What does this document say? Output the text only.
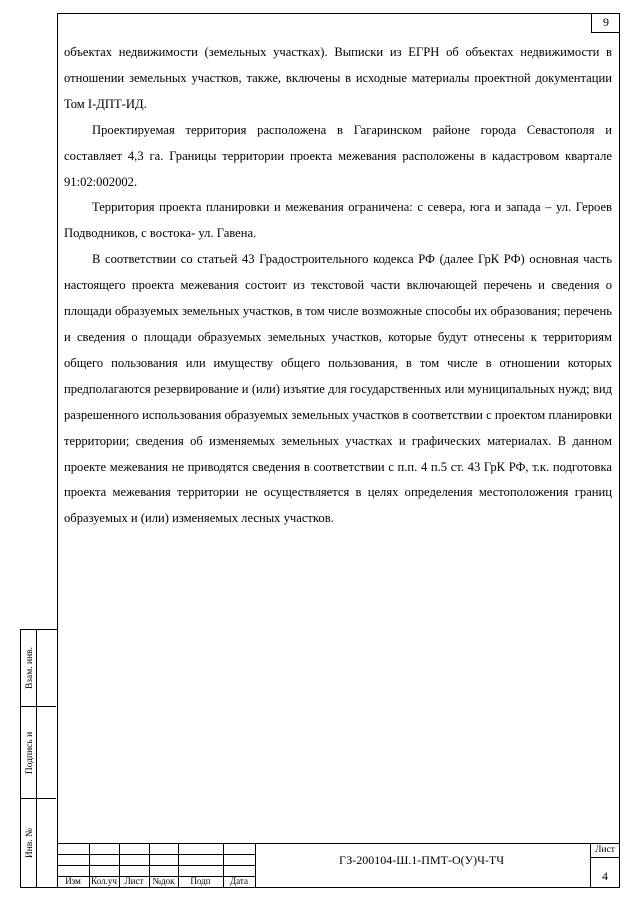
9

объектах недвижимости (земельных участках). Выписки из ЕГРН об объектах недвижимости в отношении земельных участков, также, включены в исходные материалы проектной документации Том I-ДПТ-ИД.

Проектируемая территория расположена в Гагаринском районе города Севастополя и составляет 4,3 га. Границы территории проекта межевания расположены в кадастровом квартале 91:02:002002.

Территория проекта планировки и межевания ограничена: с севера, юга и запада – ул. Героев Подводников, с востока- ул. Гавена.

В соответствии со статьей 43 Градостроительного кодекса РФ (далее ГрК РФ) основная часть настоящего проекта межевания состоит из текстовой части включающей перечень и сведения о площади образуемых земельных участков, в том числе возможные способы их образования; перечень и сведения о площади образуемых земельных участков, которые будут отнесены к территориям общего пользования или имуществу общего пользования, в том числе в отношении которых предполагаются резервирование и (или) изъятие для государственных или муниципальных нужд; вид разрешенного использования образуемых земельных участков в соответствии с проектом планировки территории; сведения об изменяемых земельных участках и графических материалах. В данном проекте межевания не приводятся сведения в соответствии с п.п. 4 п.5 ст. 43 ГрК РФ, т.к. подготовка проекта межевания территории не осуществляется в целях определения местоположения границ образуемых и (или) изменяемых лесных участков.

Взам. инв.
Подпись и
Инв. №
Изм	Кол.уч Лист	№док	Подп	Дата
ГЗ-200104-Ш.1-ПМТ-О(У)Ч-ТЧ
Лист
4
